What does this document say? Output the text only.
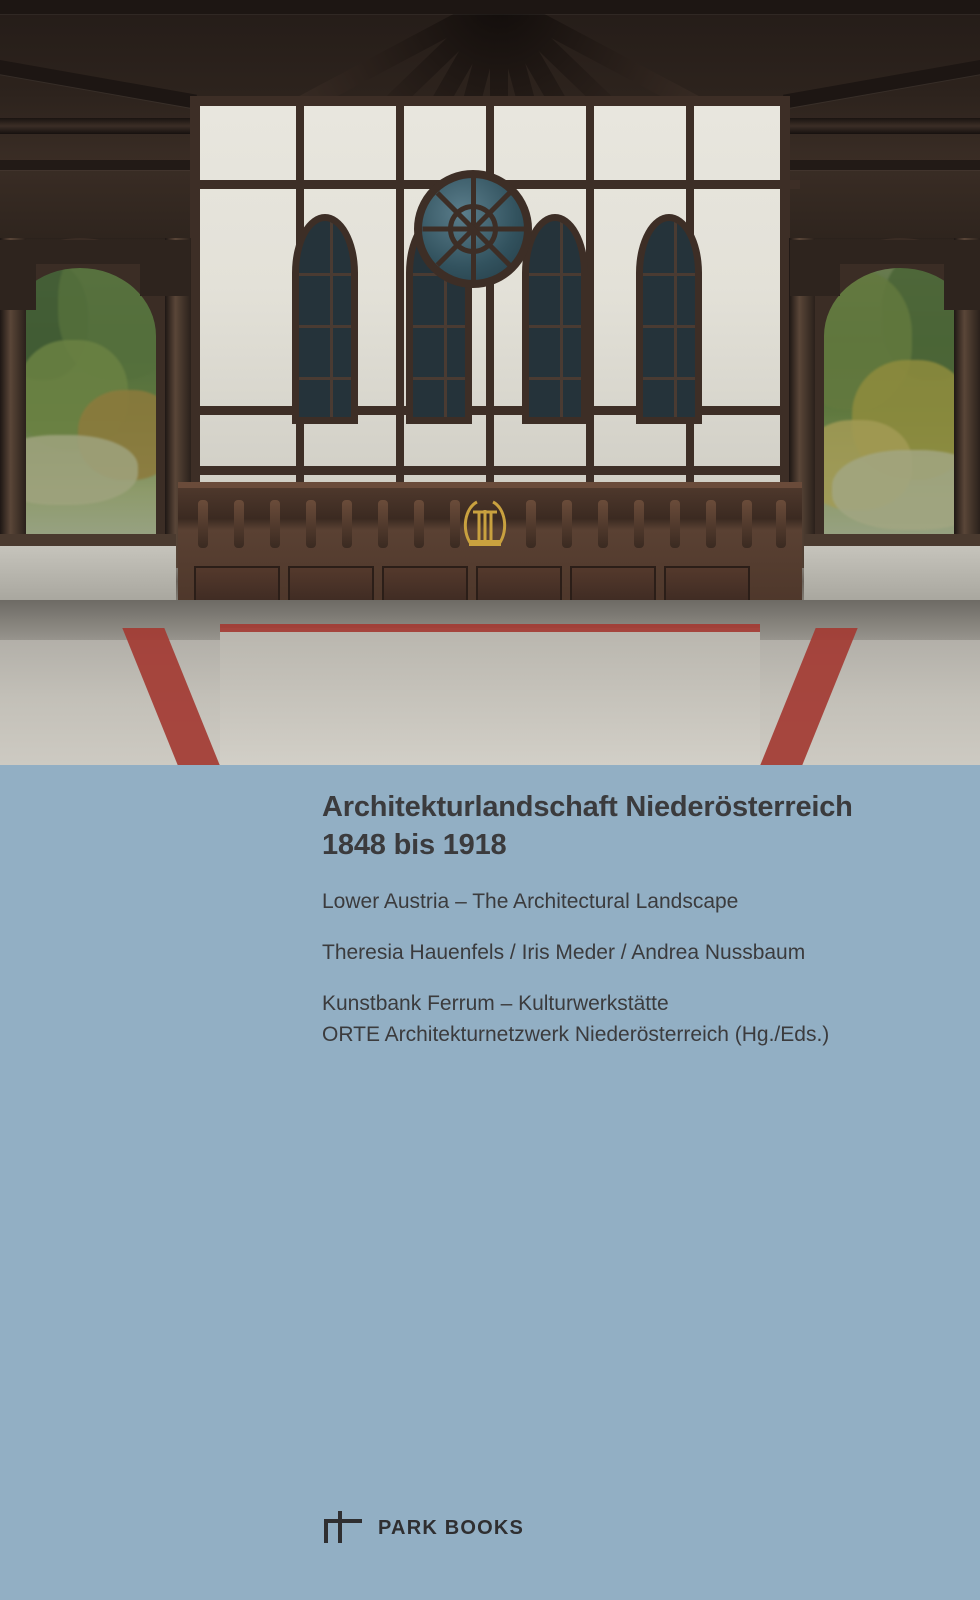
Architekturlandschaft Niederösterreich
1848 bis 1918
Lower Austria – The Architectural Landscape
Theresia Hauenfels / Iris Meder / Andrea Nussbaum
Kunstbank Ferrum – Kulturwerkstätte
ORTE Architekturnetzwerk Niederösterreich (Hg./Eds.)
PARK BOOKS
